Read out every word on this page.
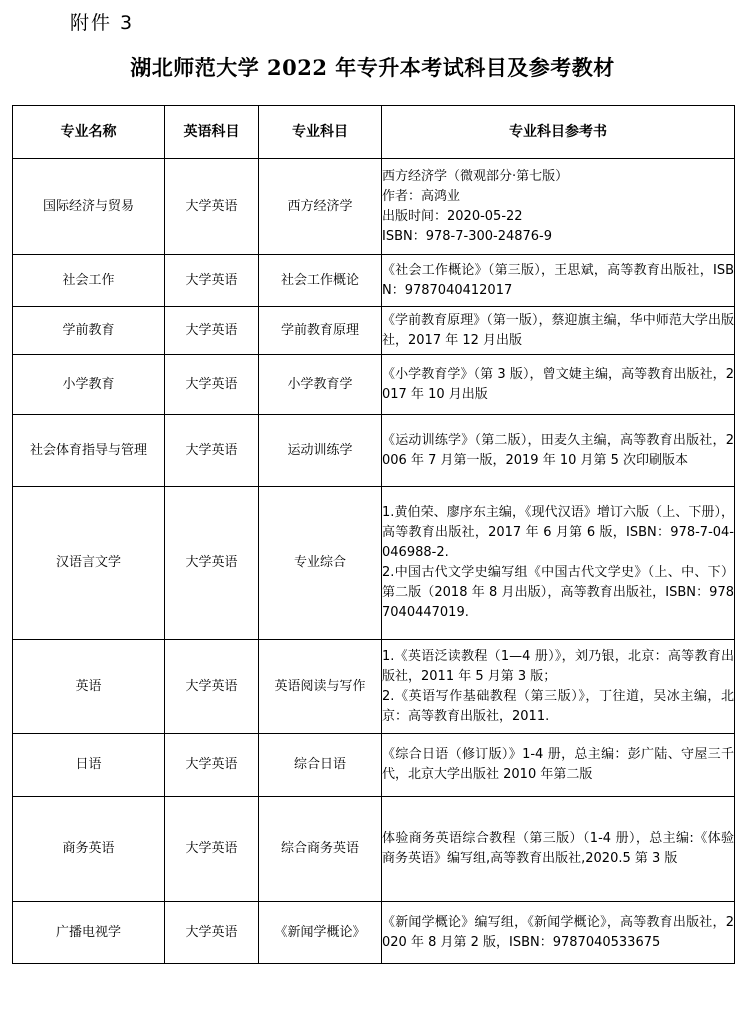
附件 3
湖北师范大学 2022 年专升本考试科目及参考教材
专业名称	英语科目	专业科目	专业科目参考书
国际经济与贸易	大学英语	西方经济学	西方经济学（微观部分·第七版）
作者：高鸿业
出版时间：2020-05-22
ISBN：978-7-300-24876-9

社会工作	大学英语	社会工作概论	《社会工作概论》（第三版），王思斌，高等教育出版社，ISBN：9787040412017

学前教育	大学英语	学前教育原理	《学前教育原理》（第一版），蔡迎旗主编，华中师范大学出版社，2017 年 12 月出版

小学教育	大学英语	小学教育学	《小学教育学》（第 3 版），曾文婕主编，高等教育出版社，2017 年 10 月出版

社会体育指导与管理	大学英语	运动训练学	《运动训练学》（第二版），田麦久主编，高等教育出版社，2006 年 7 月第一版，2019 年 10 月第 5 次印刷版本

汉语言文学	大学英语	专业综合	1.黄伯荣、廖序东主编，《现代汉语》增订六版（上、下册），高等教育出版社，2017 年 6 月第 6 版，ISBN：978-7-04-046988-2.
2.中国古代文学史编写组《中国古代文学史》（上、中、下）第二版（2018 年 8 月出版），高等教育出版社，ISBN：9787040447019.

英语	大学英语	英语阅读与写作	1.《英语泛读教程（1—4 册）》，刘乃银，北京：高等教育出版社，2011 年 5 月第 3 版；
2.《英语写作基础教程（第三版）》，丁往道，吴冰主编，北京：高等教育出版社，2011.

日语	大学英语	综合日语	《综合日语（修订版）》1-4 册，总主编：彭广陆、守屋三千代，北京大学出版社 2010 年第二版

商务英语	大学英语	综合商务英语	体验商务英语综合教程（第三版）（1-4 册），总主编:《体验商务英语》编写组,高等教育出版社,2020.5 第 3 版

广播电视学	大学英语	《新闻学概论》	《新闻学概论》编写组，《新闻学概论》，高等教育出版社，2020 年 8 月第 2 版，ISBN：9787040533675
